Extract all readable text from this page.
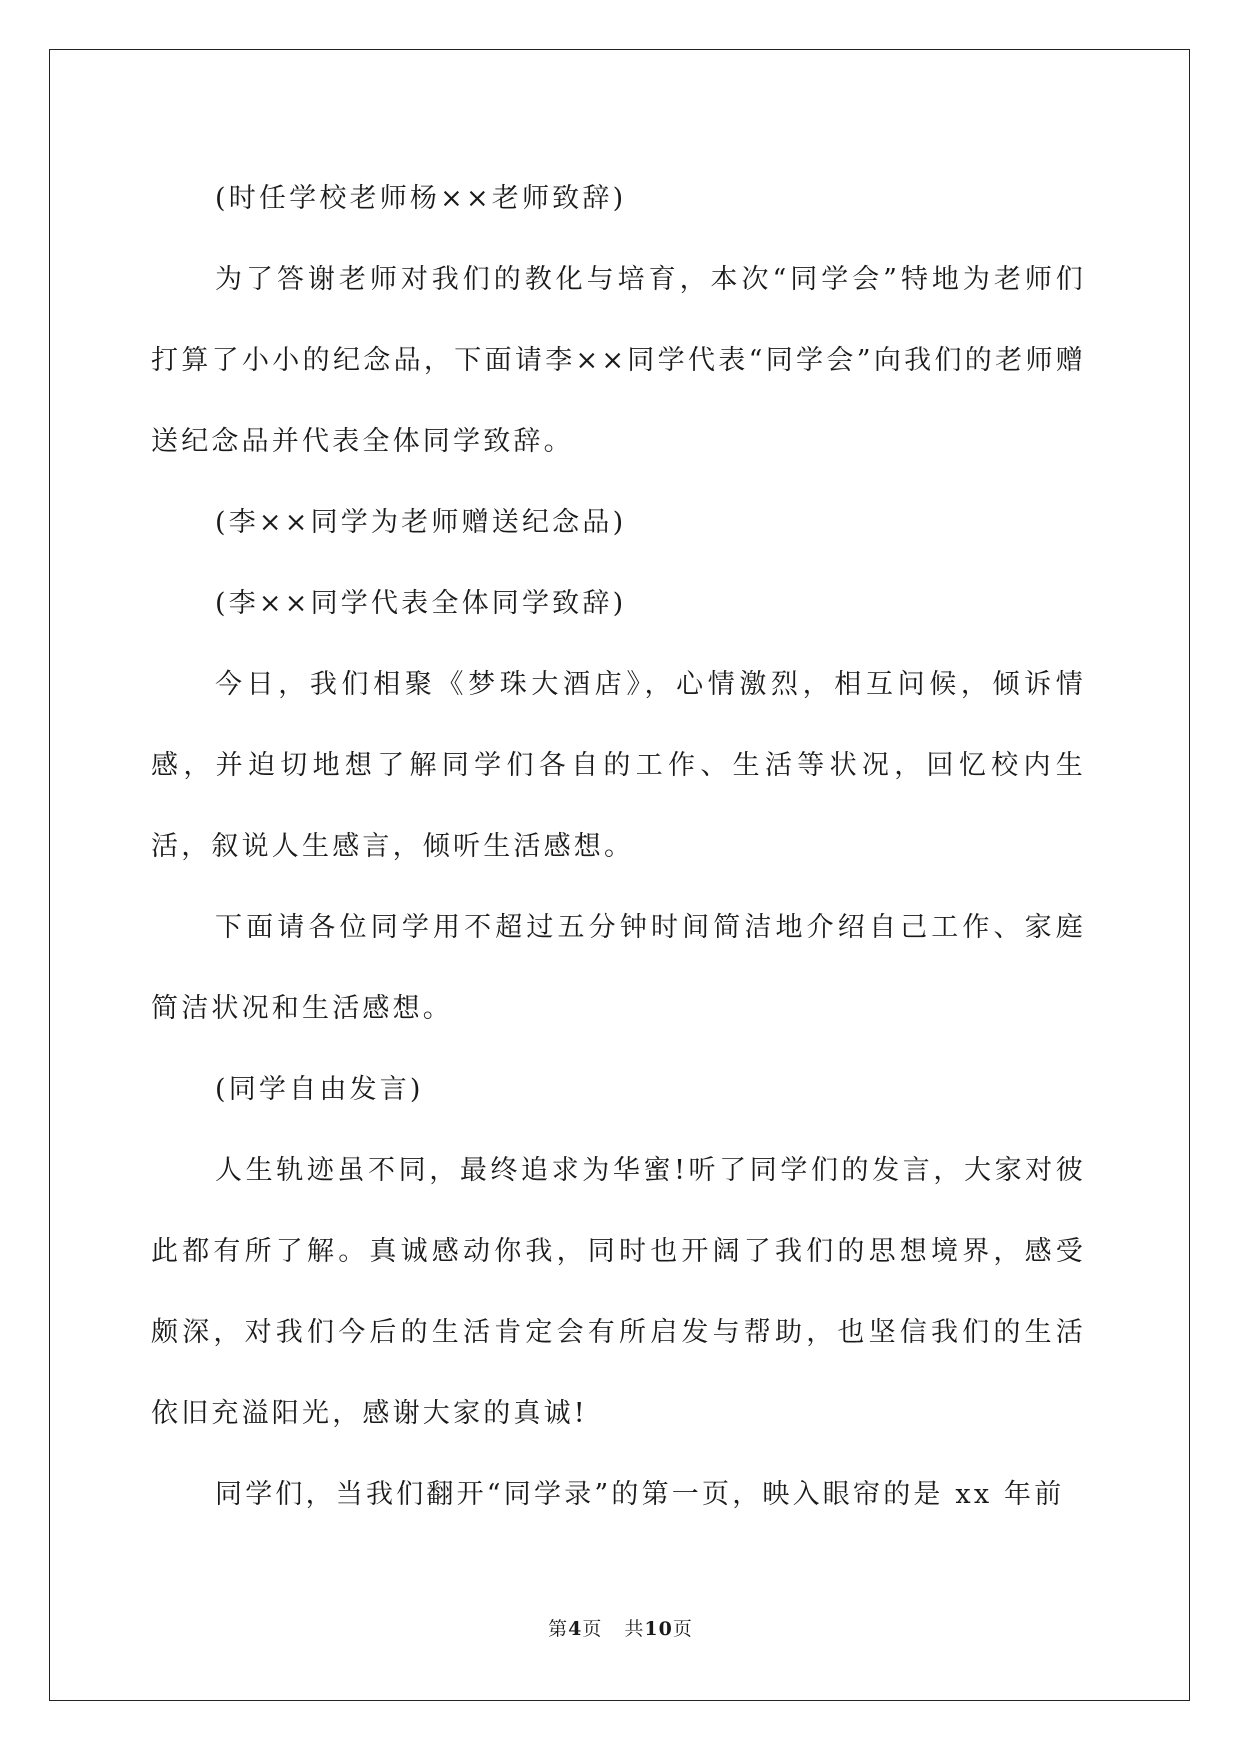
(时任学校老师杨××老师致辞)

为了答谢老师对我们的教化与培育，本次“同学会”特地为老师们打算了小小的纪念品，下面请李××同学代表“同学会”向我们的老师赠送纪念品并代表全体同学致辞。

(李××同学为老师赠送纪念品)

(李××同学代表全体同学致辞)

今日，我们相聚《梦珠大酒店》，心情激烈，相互问候，倾诉情感，并迫切地想了解同学们各自的工作、生活等状况，回忆校内生活，叙说人生感言，倾听生活感想。

下面请各位同学用不超过五分钟时间简洁地介绍自己工作、家庭简洁状况和生活感想。

(同学自由发言)

人生轨迹虽不同，最终追求为华蜜!听了同学们的发言，大家对彼此都有所了解。真诚感动你我，同时也开阔了我们的思想境界，感受颇深，对我们今后的生活肯定会有所启发与帮助，也坚信我们的生活依旧充溢阳光，感谢大家的真诚!

同学们，当我们翻开“同学录”的第一页，映入眼帘的是 xx 年前

第4页 共10页
